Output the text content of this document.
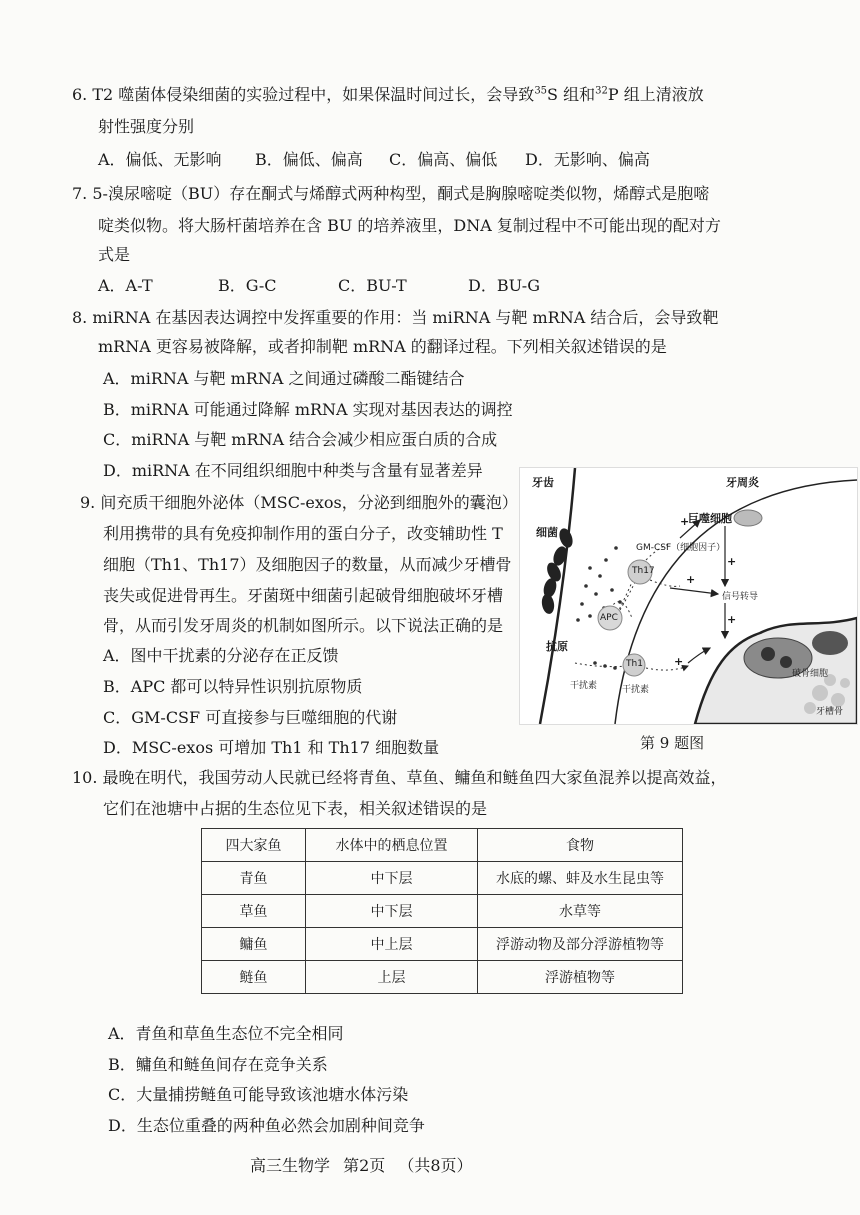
6. T2 噬菌体侵染细菌的实验过程中，如果保温时间过长，会导致$^{35}$S 组和$^{32}$P 组上清液放
射性强度分别
A．偏低、无影响 B．偏低、偏高 C．偏高、偏低 D．无影响、偏高
7. 5-溴尿嘧啶（BU）存在酮式与烯醇式两种构型，酮式是胸腺嘧啶类似物，烯醇式是胞嘧
啶类似物。将大肠杆菌培养在含 BU 的培养液里，DNA 复制过程中不可能出现的配对方
式是
A．A-T	B．G-C	C．BU-T	D．BU-G
8. miRNA 在基因表达调控中发挥重要的作用：当 miRNA 与靶 mRNA 结合后，会导致靶
mRNA 更容易被降解，或者抑制靶 mRNA 的翻译过程。下列相关叙述错误的是
A．miRNA 与靶 mRNA 之间通过磷酸二酯键结合
B．miRNA 可能通过降解 mRNA 实现对基因表达的调控
C．miRNA 与靶 mRNA 结合会减少相应蛋白质的合成
D．miRNA 在不同组织细胞中种类与含量有显著差异
9. 间充质干细胞外泌体（MSC-exos，分泌到细胞外的囊泡）
利用携带的具有免疫抑制作用的蛋白分子，改变辅助性 T
细胞（Th1、Th17）及细胞因子的数量，从而减少牙槽骨
丧失或促进骨再生。牙菌斑中细菌引起破骨细胞破坏牙槽
骨，从而引发牙周炎的机制如图所示。以下说法正确的是
A．图中干扰素的分泌存在正反馈
B．APC 都可以特异性识别抗原物质
C．GM-CSF 可直接参与巨噬细胞的代谢
D．MSC-exos 可增加 Th1 和 Th17 细胞数量
牙齿	牙周炎
细菌
巨噬细胞
GM-CSF（细胞因子）
Th17
信号转导
APC
抗原
Th1
干扰素	干扰素
破骨细胞
牙槽骨
+
+
+
+
+
第 9 题图
10. 最晚在明代，我国劳动人民就已经将青鱼、草鱼、鳙鱼和鲢鱼四大家鱼混养以提高效益，
它们在池塘中占据的生态位见下表，相关叙述错误的是
四大家鱼	水体中的栖息位置	食物
青鱼	中下层	水底的螺、蚌及水生昆虫等
草鱼	中下层	水草等
鳙鱼	中上层	浮游动物及部分浮游植物等
鲢鱼	上层	浮游植物等
A．青鱼和草鱼生态位不完全相同
B．鳙鱼和鲢鱼间存在竞争关系
C．大量捕捞鲢鱼可能导致该池塘水体污染
D．生态位重叠的两种鱼必然会加剧种间竞争
高三生物学 第2页 （共8页）
